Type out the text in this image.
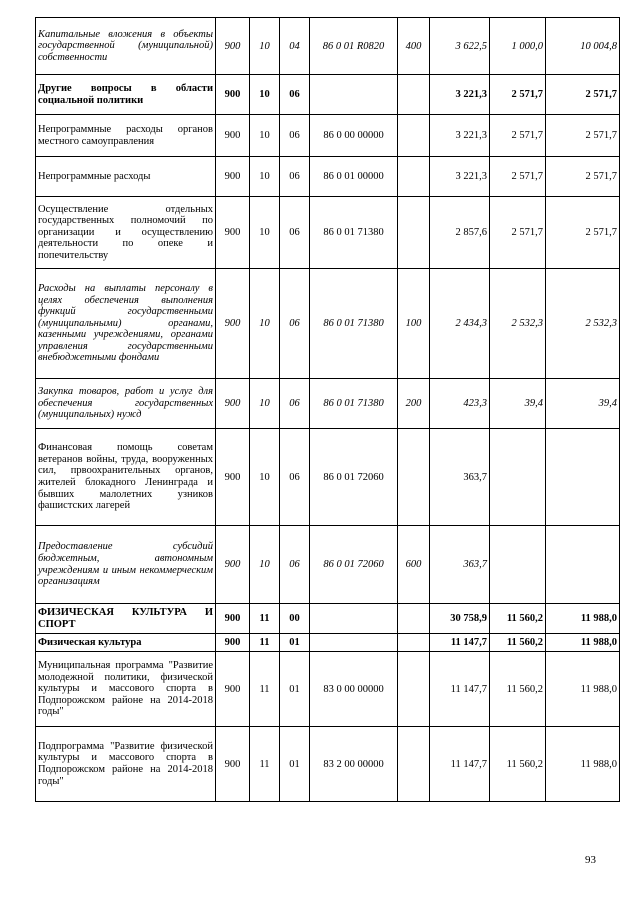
Капитальные вложения в объекты государственной (муниципальной) собственности	900	10	04	86 0 01 R0820	400	3 622,5	1 000,0	10 004,8
Другие вопросы в области социальной политики	900	10	06			3 221,3	2 571,7	2 571,7
Непрограммные расходы органов местного самоуправления	900	10	06	86 0 00 00000		3 221,3	2 571,7	2 571,7
Непрограммные расходы	900	10	06	86 0 01 00000		3 221,3	2 571,7	2 571,7
Осуществление отдельных государственных полномочий по организации и осуществлению деятельности по опеке и попечительству	900	10	06	86 0 01 71380		2 857,6	2 571,7	2 571,7
Расходы на выплаты персоналу в целях обеспечения выполнения функций государственными (муниципальными) органами, казенными учреждениями, органами управления государственными внебюджетными фондами	900	10	06	86 0 01 71380	100	2 434,3	2 532,3	2 532,3
Закупка товаров, работ и услуг для обеспечения государственных (муниципальных) нужд	900	10	06	86 0 01 71380	200	423,3	39,4	39,4
Финансовая помощь советам ветеранов войны, труда, вооруженных сил, првоохранительных органов, жителей блокадного Ленинграда и бывших малолетних узников фашистских лагерей	900	10	06	86 0 01 72060		363,7		
Предоставление субсидий бюджетным, автономным учреждениям и иным некоммерческим организациям	900	10	06	86 0 01 72060	600	363,7		
ФИЗИЧЕСКАЯ КУЛЬТУРА И СПОРТ	900	11	00			30 758,9	11 560,2	11 988,0
Физическая культура	900	11	01			11 147,7	11 560,2	11 988,0
Муниципальная программа "Развитие молодежной политики, физической культуры и массового спорта в Подпорожском районе на 2014-2018 годы"	900	11	01	83 0 00 00000		11 147,7	11 560,2	11 988,0
Подпрограмма "Развитие физической культуры и массового спорта в Подпорожском районе на 2014-2018 годы"	900	11	01	83 2 00 00000		11 147,7	11 560,2	11 988,0
93
